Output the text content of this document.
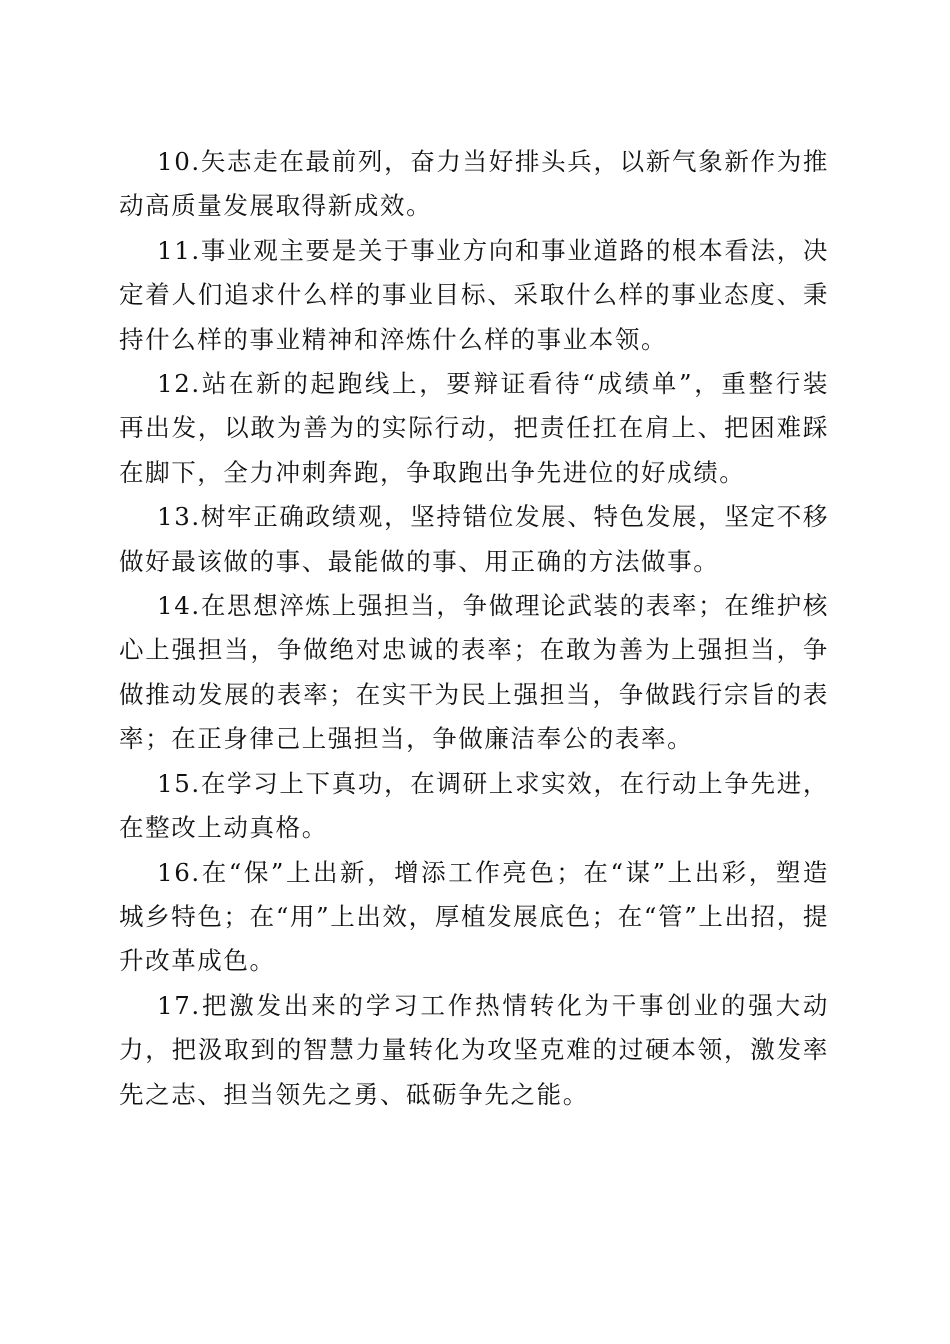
10.矢志走在最前列，奋力当好排头兵，以新气象新作为推动高质量发展取得新成效。

11.事业观主要是关于事业方向和事业道路的根本看法，决定着人们追求什么样的事业目标、采取什么样的事业态度、秉持什么样的事业精神和淬炼什么样的事业本领。

12.站在新的起跑线上，要辩证看待“成绩单”，重整行装再出发，以敢为善为的实际行动，把责任扛在肩上、把困难踩在脚下，全力冲刺奔跑，争取跑出争先进位的好成绩。

13.树牢正确政绩观，坚持错位发展、特色发展，坚定不移做好最该做的事、最能做的事、用正确的方法做事。

14.在思想淬炼上强担当，争做理论武装的表率；在维护核心上强担当，争做绝对忠诚的表率；在敢为善为上强担当，争做推动发展的表率；在实干为民上强担当，争做践行宗旨的表率；在正身律己上强担当，争做廉洁奉公的表率。

15.在学习上下真功，在调研上求实效，在行动上争先进，在整改上动真格。

16.在“保”上出新，增添工作亮色；在“谋”上出彩，塑造城乡特色；在“用”上出效，厚植发展底色；在“管”上出招，提升改革成色。

17.把激发出来的学习工作热情转化为干事创业的强大动力，把汲取到的智慧力量转化为攻坚克难的过硬本领，激发率先之志、担当领先之勇、砥砺争先之能。
